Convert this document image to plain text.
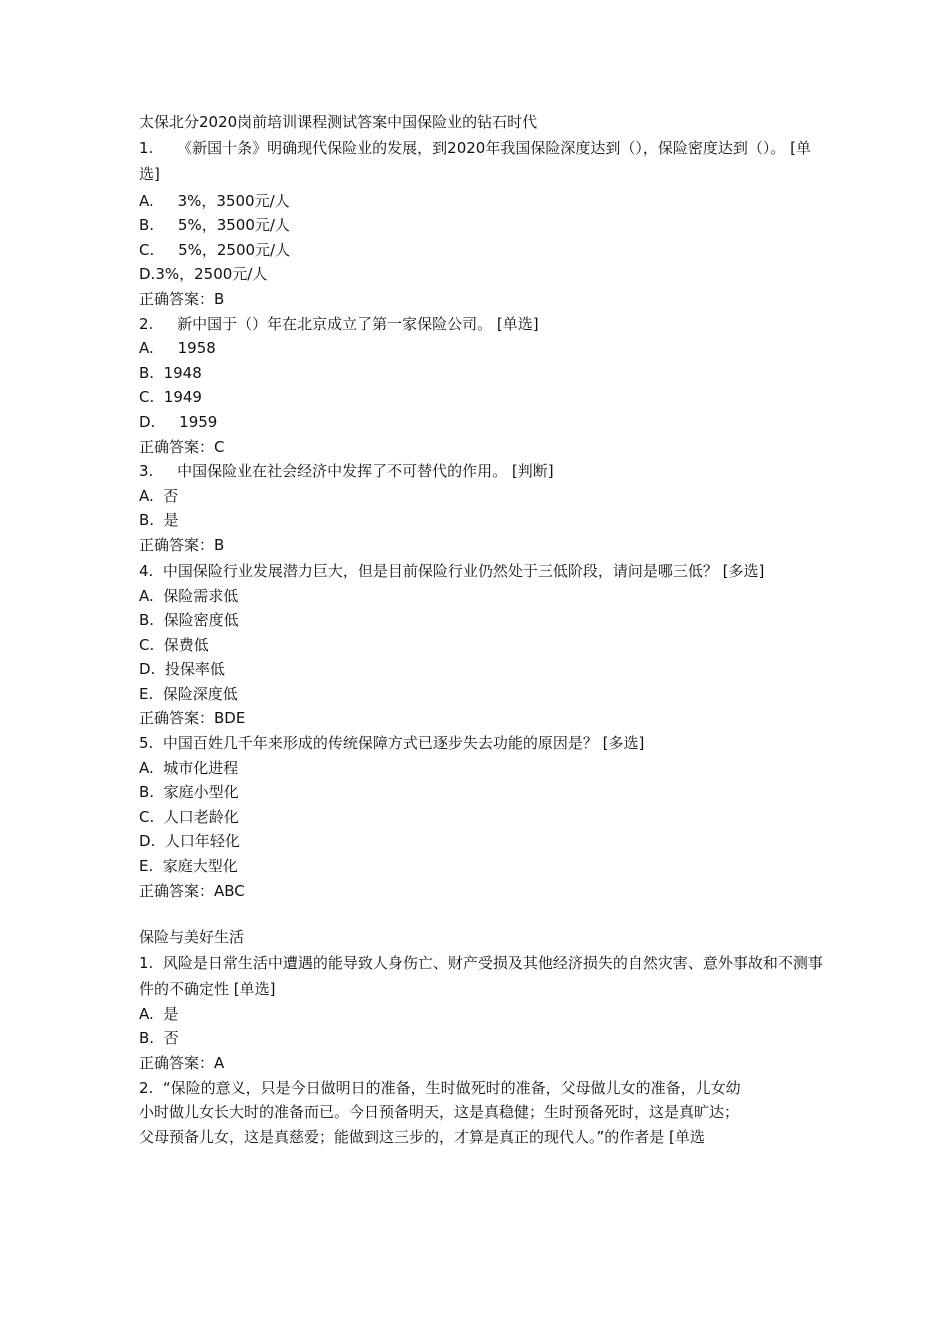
太保北分2020岗前培训课程测试答案中国保险业的钻石时代
1.     《新国十条》明确现代保险业的发展，到2020年我国保险深度达到（），保险密度达到（）。 [单选]
A.     3%，3500元/人
B.     5%，3500元/人
C.     5%，2500元/人
D.3%，2500元/人
正确答案：B
2.     新中国于（）年在北京成立了第一家保险公司。 [单选]
A.     1958
B.  1948
C.  1949
D.     1959
正确答案：C
3.     中国保险业在社会经济中发挥了不可替代的作用。 [判断]
A.  否
B.  是
正确答案：B
4.  中国保险行业发展潜力巨大，但是目前保险行业仍然处于三低阶段，请问是哪三低？ [多选]
A.  保险需求低
B.  保险密度低
C.  保费低
D.  投保率低
E.  保险深度低
正确答案：BDE
5.  中国百姓几千年来形成的传统保障方式已逐步失去功能的原因是？ [多选]
A.  城市化进程
B.  家庭小型化
C.  人口老龄化
D.  人口年轻化
E.  家庭大型化
正确答案：ABC
保险与美好生活
1.  风险是日常生活中遭遇的能导致人身伤亡、财产受损及其他经济损失的自然灾害、意外事故和不测事件的不确定性 [单选]
A.  是
B.  否
正确答案：A
2.  “保险的意义，只是今日做明日的准备，生时做死时的准备，父母做儿女的准备，儿女幼
小时做儿女长大时的准备而已。今日预备明天，这是真稳健；生时预备死时，这是真旷达；
父母预备儿女，这是真慈爱；能做到这三步的，才算是真正的现代人。”的作者是 [单选
